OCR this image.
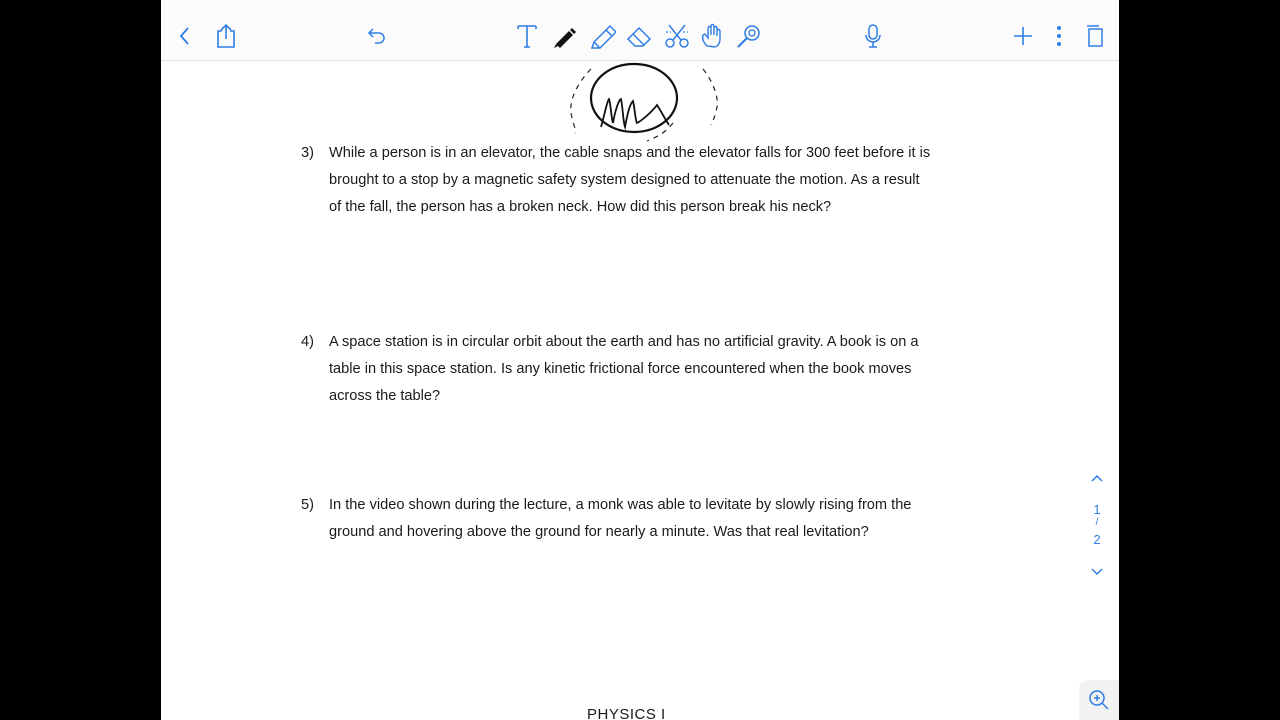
3) While a person is in an elevator, the cable snaps and the elevator falls for 300 feet before it is
brought to a stop by a magnetic safety system designed to attenuate the motion. As a result
of the fall, the person has a broken neck. How did this person break his neck?
4) A space station is in circular orbit about the earth and has no artificial gravity. A book is on a
table in this space station. Is any kinetic frictional force encountered when the book moves
across the table?
5) In the video shown during the lecture, a monk was able to levitate by slowly rising from the
ground and hovering above the ground for nearly a minute. Was that real levitation?
PHYSICS I
1
/
2
